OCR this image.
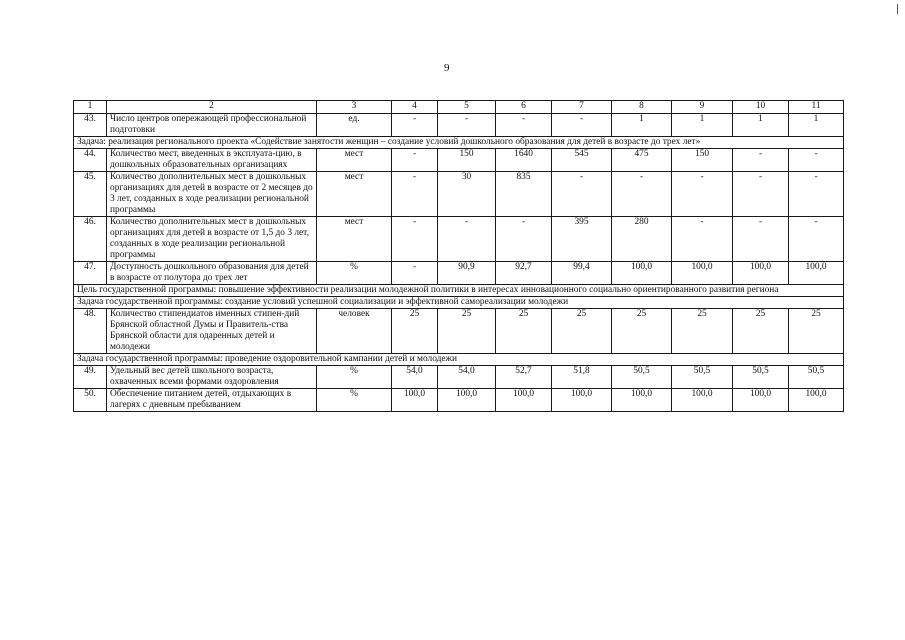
9
1	2	3	4	5	6	7	8	9	10	11
43.	Число центров опережающей профессиональной подготовки	ед.	-	-	-	-	1	1	1	1
Задача: реализация регионального проекта «Содействие занятости женщин – создание условий дошкольного образования для детей в возрасте до трех лет»										
44.	Количество мест, введенных в эксплуата-цию, в дошкольных образовательных организациях	мест	-	150	1640	545	475	150	-	-
45.	Количество дополнительных мест в дошкольных организациях для детей в возрасте от 2 месяцев до 3 лет, созданных в ходе реализации региональной программы	мест	-	30	835	-	-	-	-	-
46.	Количество дополнительных мест в дошкольных организациях для детей в возрасте от 1,5 до 3 лет, созданных в ходе реализации региональной программы	мест	-	-	-	395	280	-	-	-
47.	Доступность дошкольного образования для детей в возрасте от полутора до трех лет	%	-	90,9	92,7	99,4	100,0	100,0	100,0	100,0
Цель государственной программы: повышение эффективности реализации молодежной политики в интересах инновационного социально ориентированного развития региона										
Задача государственной программы: создание условий успешной социализации и эффективной самореализации молодежи										
48.	Количество стипендиатов именных стипен-дий Брянской областной Думы и Правитель-ства Брянской области для одаренных детей и молодежи	человек	25	25	25	25	25	25	25	25
Задача государственной программы: проведение оздоровительной кампании детей и молодежи										
49.	Удельный вес детей школьного возраста, охваченных всеми формами оздоровления	%	54,0	54,0	52,7	51,8	50,5	50,5	50,5	50,5
50.	Обеспечение питанием детей, отдыхающих в лагерях с дневным пребыванием	%	100,0	100,0	100,0	100,0	100,0	100,0	100,0	100,0
